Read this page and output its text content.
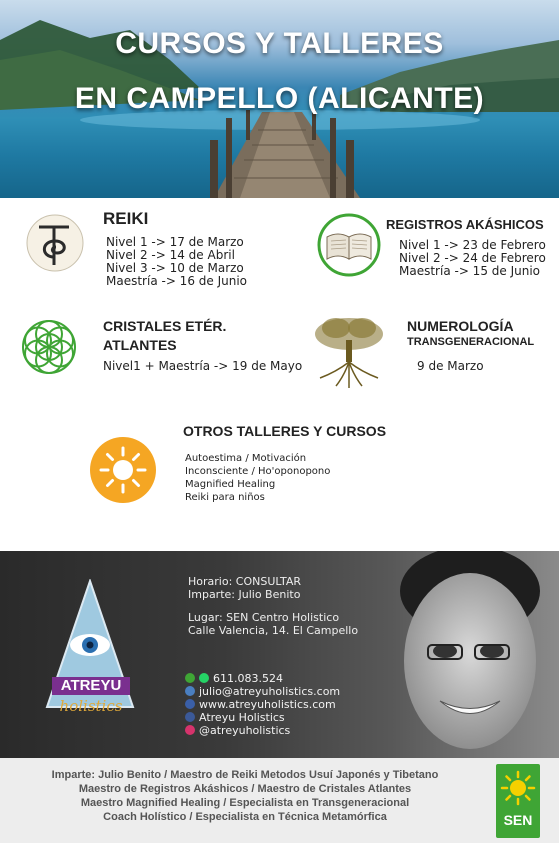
CURSOS Y TALLERES
EN CAMPELLO (ALICANTE)
REIKI
Nivel 1 -> 17 de Marzo
Nivel 2 -> 14 de Abril
Nivel 3 -> 10 de Marzo
Maestría -> 16 de Junio
REGISTROS AKÁSHICOS
Nivel 1 -> 23 de Febrero
Nivel 2 -> 24 de Febrero
Maestría -> 15 de Junio
CRISTALES ETÉR.
ATLANTES
Nivel1 + Maestría -> 19 de Mayo
NUMEROLOGÍA
TRANSGENERACIONAL
9 de Marzo
OTROS TALLERES Y CURSOS
Autoestima / Motivación
Inconsciente / Ho'oponopono
Magnified Healing
Reiki para niños
ATREYU
holistics
Horario: CONSULTAR
Imparte: Julio Benito
Lugar: SEN Centro Holistico
Calle Valencia, 14. El Campello
611.083.524
julio@atreyuholistics.com
www.atreyuholistics.com
Atreyu Holistics
@atreyuholistics
Imparte: Julio Benito / Maestro de Reiki Metodos Usuí Japonés y Tibetano
Maestro de Registros Akáshicos / Maestro de Cristales Atlantes
Maestro Magnified Healing / Especialista en Transgeneracional
Coach Holístico / Especialista en Técnica Metamórfica	SEN
